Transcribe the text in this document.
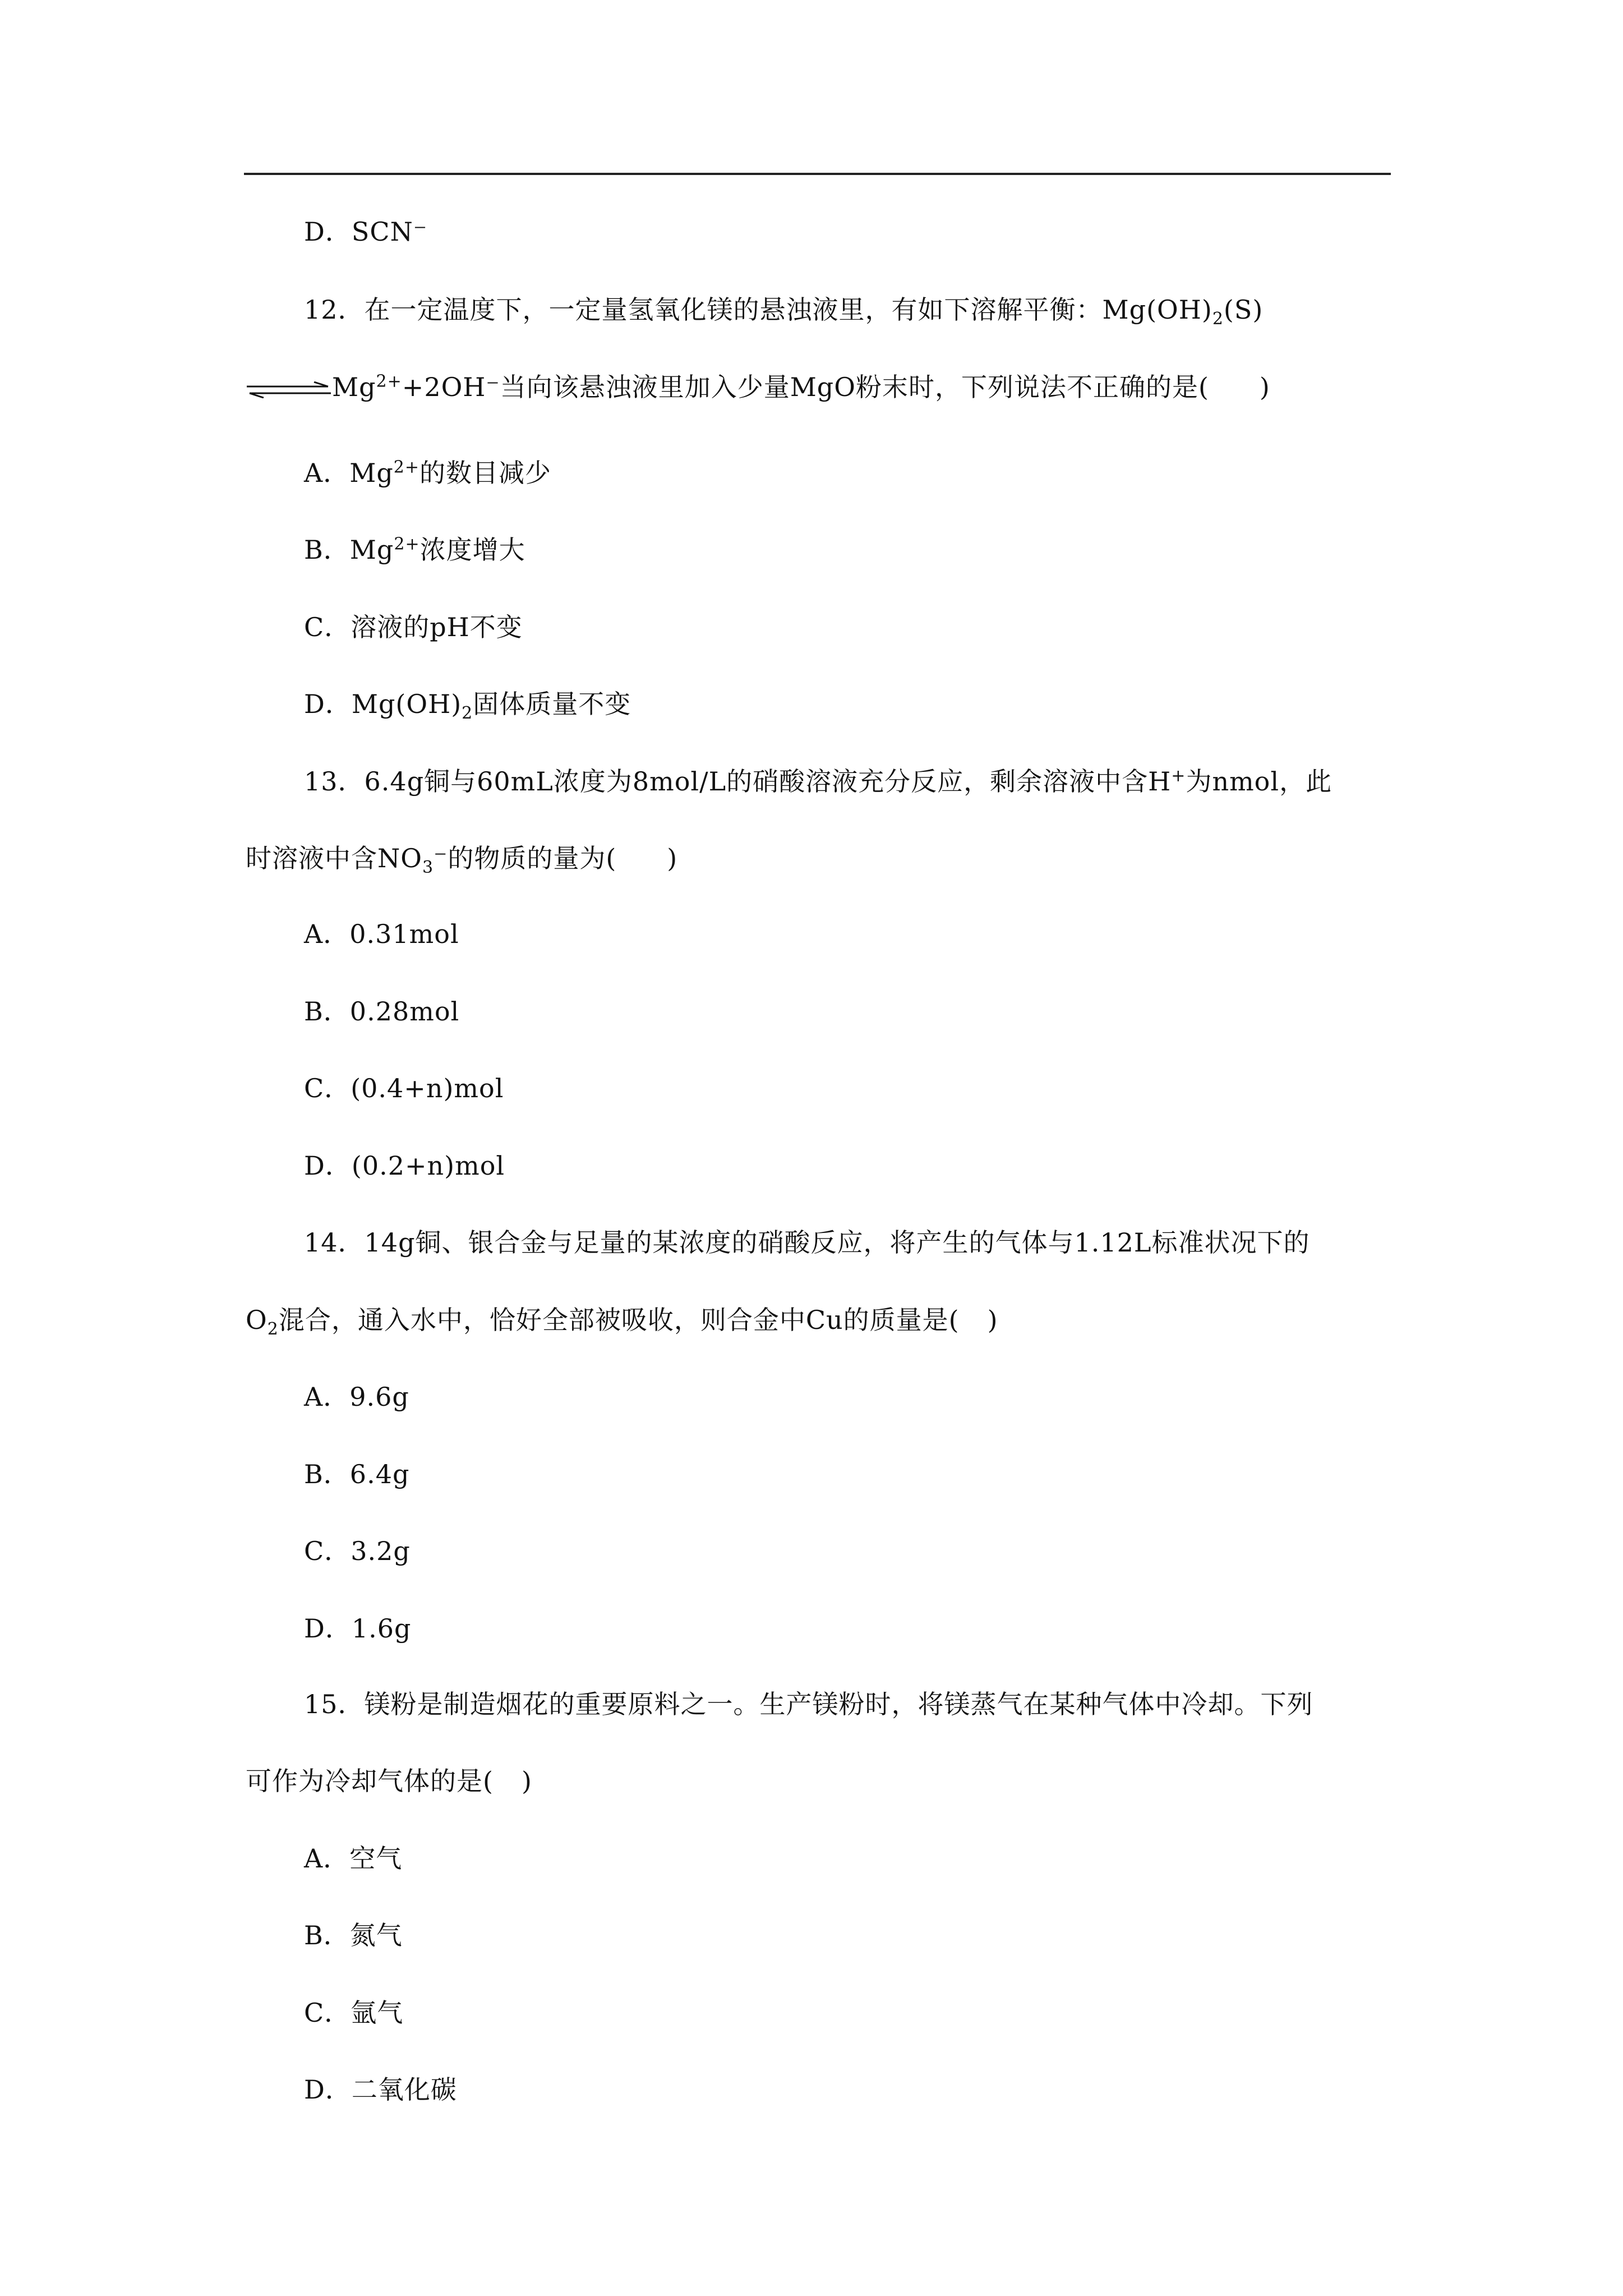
D．SCN⁻
12．在一定温度下，一定量氢氧化镁的悬浊液里，有如下溶解平衡：$Mg(OH)_2(S)$
$Mg^{2+}+2OH^-$当向该悬浊液里加入少量MgO粉末时，下列说法不正确的是( )
A．$Mg^{2+}$的数目减少
B．$Mg^{2+}$浓度增大
C．溶液的pH不变
D．$Mg(OH)_2$固体质量不变
13．6.4g铜与60mL浓度为8mol/L的硝酸溶液充分反应，剩余溶液中含H+为nmol，此
时溶液中含$NO_3^-$的物质的量为( )
A．0.31mol
B．0.28mol
C．(0.4+n)mol
D．(0.2+n)mol
14．14g铜、银合金与足量的某浓度的硝酸反应，将产生的气体与1.12L标准状况下的
$O_2$混合，通入水中，恰好全部被吸收，则合金中Cu的质量是( )
A．9.6g
B．6.4g
C．3.2g
D．1.6g
15．镁粉是制造烟花的重要原料之一。生产镁粉时，将镁蒸气在某种气体中冷却。下列
可作为冷却气体的是( )
A．空气
B．氮气
C．氩气
D．二氧化碳
